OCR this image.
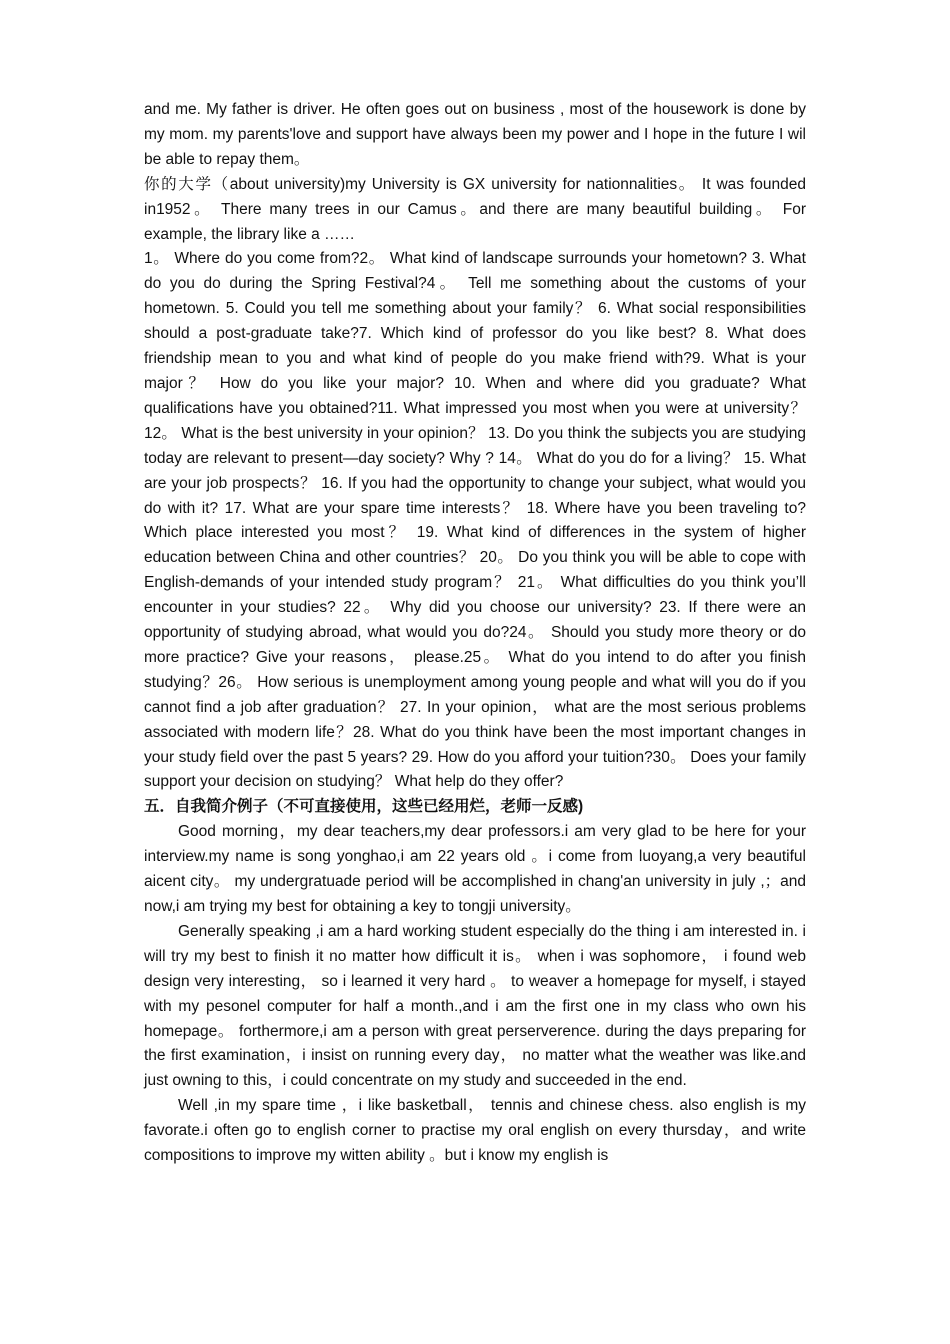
and me. My father is driver. He often goes out on business , most of the housework is done by my mom. my parents'love and support have always been my power and I hope in the future I wil be able to repay them。

你的大学（about university)my University is GX university for nationnalities。 It was founded in1952。 There many trees in our Camus。and there are many beautiful building。 For example, the library like a ……

1。 Where do you come from?2。 What kind of landscape surrounds your hometown? 3. What do you do during the Spring Festival?4。 Tell me something about the customs of your hometown. 5. Could you tell me something about your family？ 6. What social responsibilities should a post-graduate take?7. Which kind of professor do you like best? 8. What does friendship mean to you and what kind of people do you make friend with?9. What is your major？ How do you like your major? 10. When and where did you graduate? What qualifications have you obtained?11. What impressed you most when you were at university？ 12。 What is the best university in your opinion？ 13. Do you think the subjects you are studying today are relevant to present—day society? Why ? 14。 What do you do for a living？ 15. What are your job prospects？ 16. If you had the opportunity to change your subject, what would you do with it? 17. What are your spare time interests？ 18. Where have you been traveling to? Which place interested you most？ 19. What kind of differences in the system of higher education between China and other countries？ 20。 Do you think you will be able to cope with English-demands of your intended study program？ 21。 What difficulties do you think you’ll encounter in your studies? 22。 Why did you choose our university? 23. If there were an opportunity of studying abroad, what would you do?24。 Should you study more theory or do more practice? Give your reasons， please.25。 What do you intend to do after you finish studying？26。 How serious is unemployment among young people and what will you do if you cannot find a job after graduation？ 27. In your opinion， what are the most serious problems associated with modern life？28. What do you think have been the most important changes in your study field over the past 5 years? 29. How do you afford your tuition?30。 Does your family support your decision on studying？ What help do they offer?

五．自我简介例子（不可直接使用，这些已经用烂，老师一反感)

Good morning，my dear teachers,my dear professors.i am very glad to be here for your interview.my name is song yonghao,i am 22 years old 。i come from luoyang,a very beautiful aicent city。 my undergratuade period will be accomplished in chang'an university in july ,；and now,i am trying my best for obtaining a key to tongji university。

Generally speaking ,i am a hard working student especially do the thing i am interested in. i will try my best to finish it no matter how difficult it is。 when i was sophomore， i found web design very interesting， so i learned it very hard 。 to weaver a homepage for myself, i stayed with my pesonel computer for half a month.,and i am the first one in my class who own his homepage。 forthermore,i am a person with great perserverence. during the days preparing for the first examination，i insist on running every day， no matter what the weather was like.and just owning to this，i could concentrate on my study and succeeded in the end.

Well ,in my spare time ，i like basketball， tennis and chinese chess. also english is my favorate.i often go to english corner to practise my oral english on every thursday，and write compositions to improve my witten ability 。but i know my english is
